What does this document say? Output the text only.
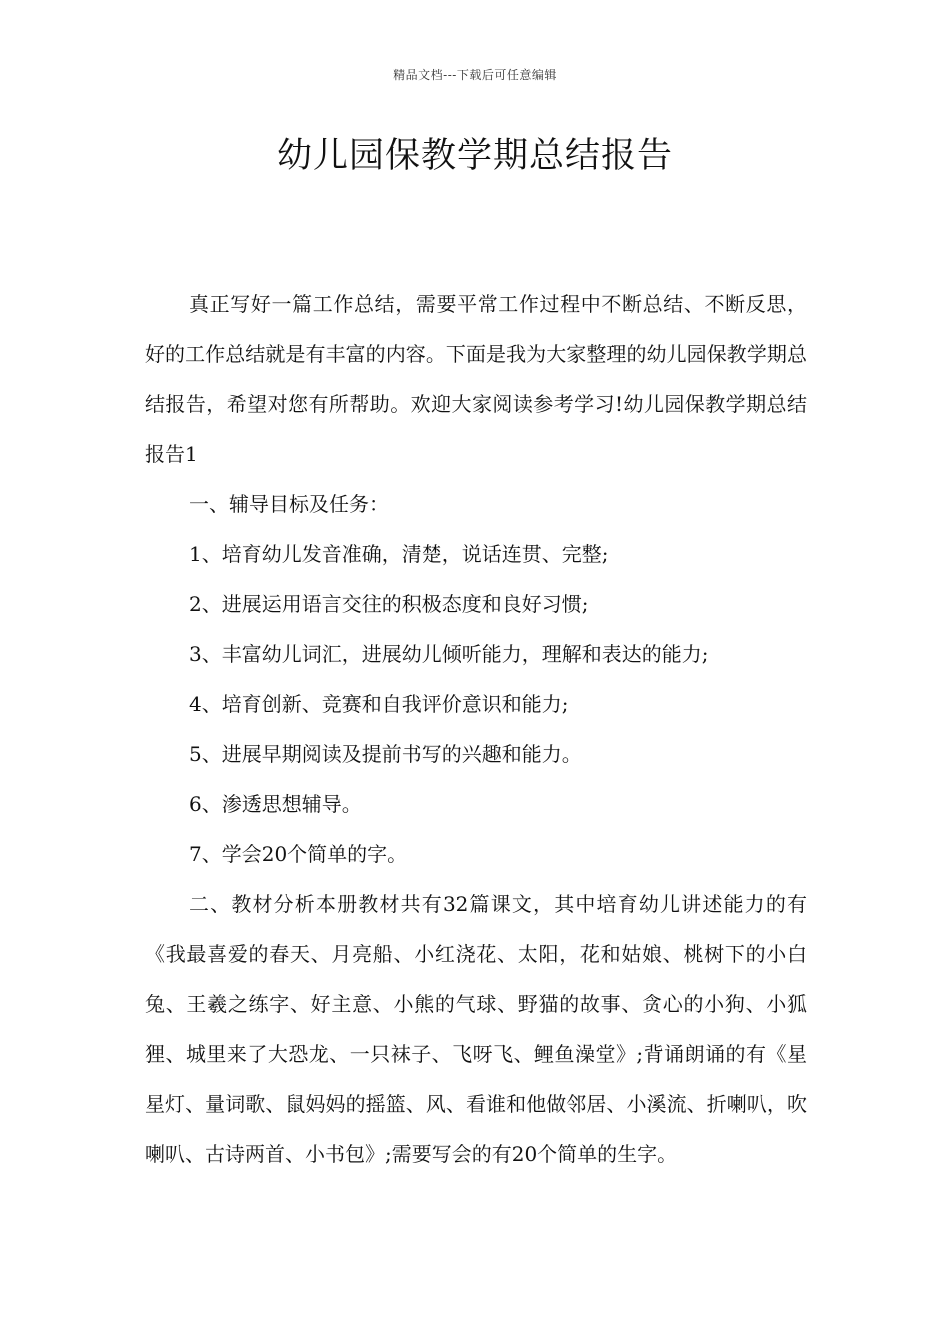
精品文档---下载后可任意编辑
幼儿园保教学期总结报告

真正写好一篇工作总结，需要平常工作过程中不断总结、不断反思，好的工作总结就是有丰富的内容。下面是我为大家整理的幼儿园保教学期总结报告，希望对您有所帮助。欢迎大家阅读参考学习!幼儿园保教学期总结报告1

一、辅导目标及任务：

1、培育幼儿发音准确，清楚，说话连贯、完整;

2、进展运用语言交往的积极态度和良好习惯;

3、丰富幼儿词汇，进展幼儿倾听能力，理解和表达的能力;

4、培育创新、竞赛和自我评价意识和能力;

5、进展早期阅读及提前书写的兴趣和能力。

6、渗透思想辅导。

7、学会20个简单的字。

二、教材分析本册教材共有32篇课文，其中培育幼儿讲述能力的有《我最喜爱的春天、月亮船、小红浇花、太阳，花和姑娘、桃树下的小白兔、王羲之练字、好主意、小熊的气球、野猫的故事、贪心的小狗、小狐狸、城里来了大恐龙、一只袜子、飞呀飞、鲤鱼澡堂》;背诵朗诵的有《星星灯、量词歌、鼠妈妈的摇篮、风、看谁和他做邻居、小溪流、折喇叭，吹喇叭、古诗两首、小书包》;需要写会的有20个简单的生字。
